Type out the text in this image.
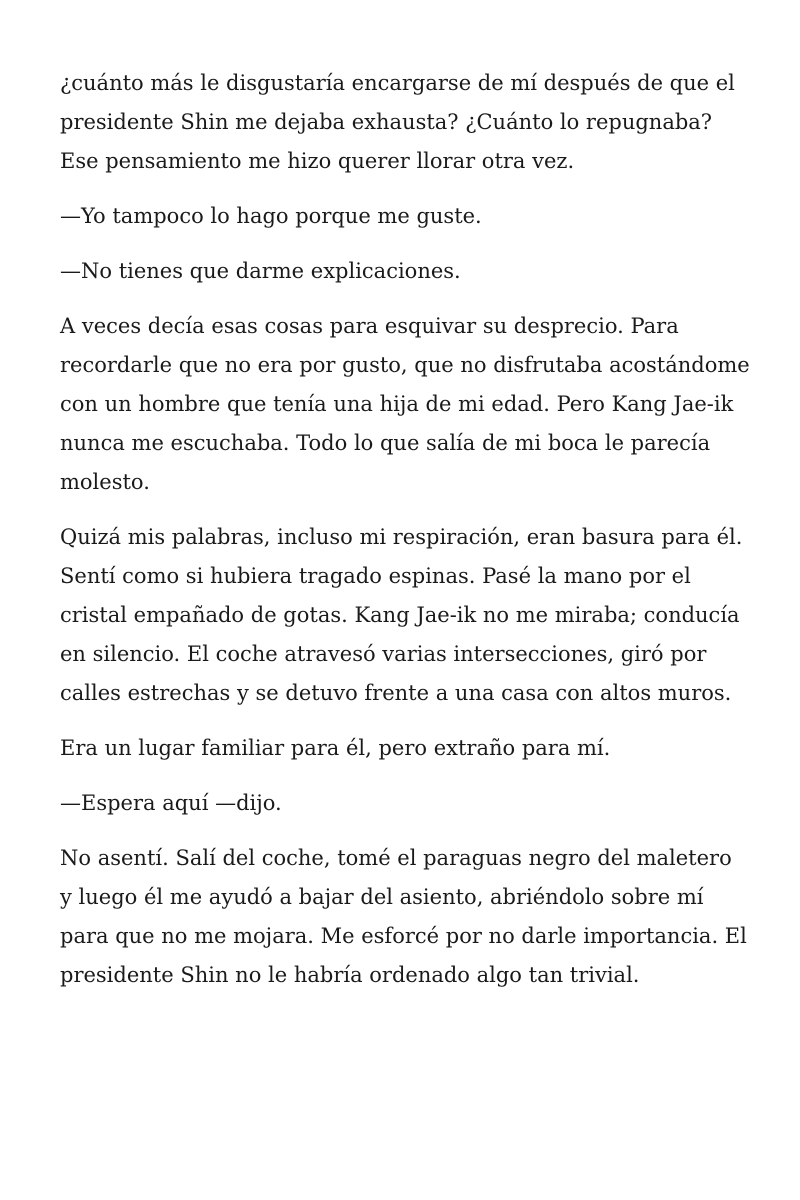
¿cuánto más le disgustaría encargarse de mí después de que el presidente Shin me dejaba exhausta? ¿Cuánto lo repugnaba? Ese pensamiento me hizo querer llorar otra vez.

—Yo tampoco lo hago porque me guste.

—No tienes que darme explicaciones.

A veces decía esas cosas para esquivar su desprecio. Para recordarle que no era por gusto, que no disfrutaba acostándome con un hombre que tenía una hija de mi edad. Pero Kang Jae-ik nunca me escuchaba. Todo lo que salía de mi boca le parecía molesto.

Quizá mis palabras, incluso mi respiración, eran basura para él. Sentí como si hubiera tragado espinas. Pasé la mano por el cristal empañado de gotas. Kang Jae-ik no me miraba; conducía en silencio. El coche atravesó varias intersecciones, giró por calles estrechas y se detuvo frente a una casa con altos muros.

Era un lugar familiar para él, pero extraño para mí.

—Espera aquí —dijo.

No asentí. Salí del coche, tomé el paraguas negro del maletero y luego él me ayudó a bajar del asiento, abriéndolo sobre mí para que no me mojara. Me esforcé por no darle importancia. El presidente Shin no le habría ordenado algo tan trivial.
